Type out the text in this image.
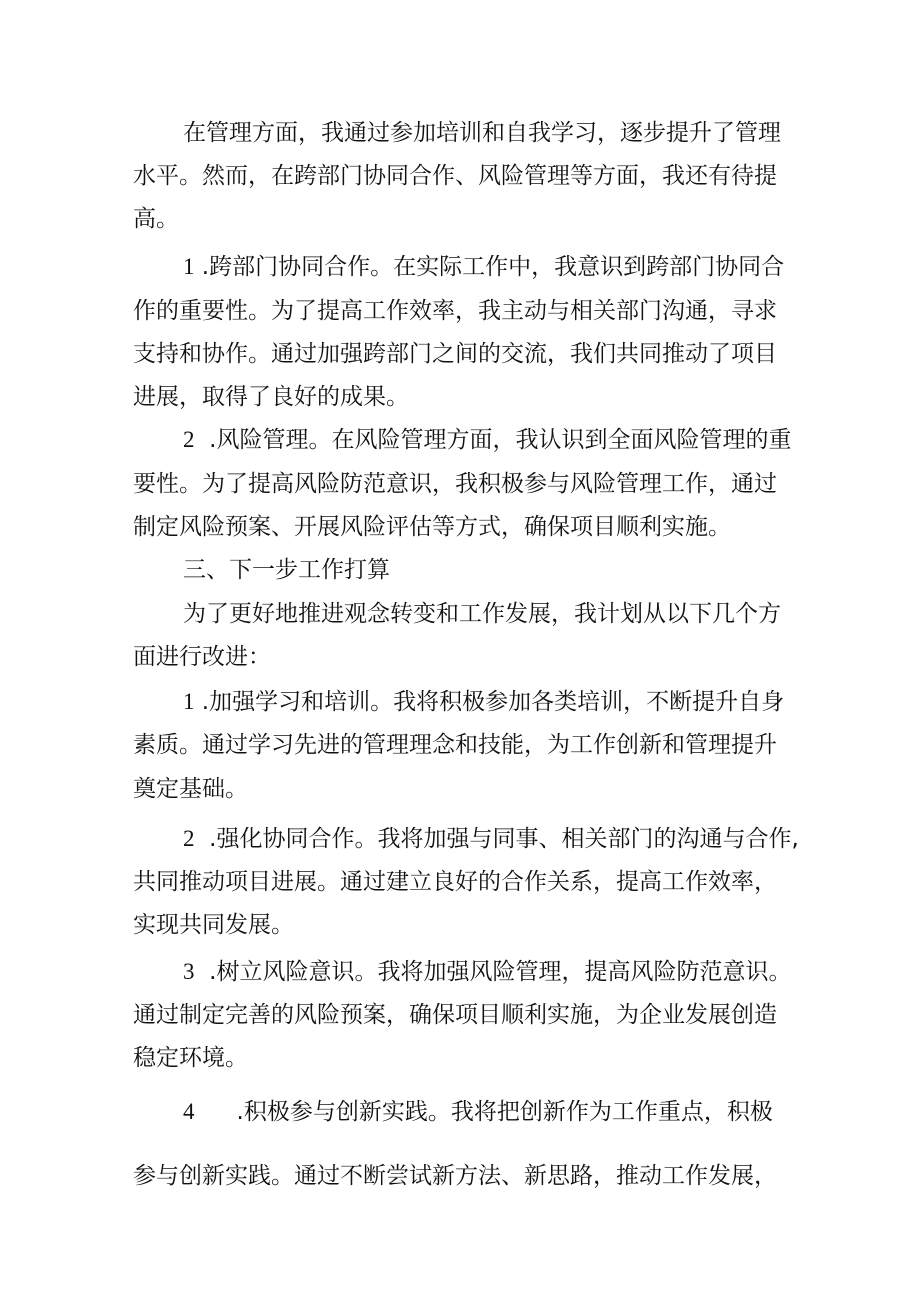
在管理方面，我通过参加培训和自我学习，逐步提升了管理
水平。然而，在跨部门协同合作、风险管理等方面，我还有待提
高。
1 .跨部门协同合作。在实际工作中，我意识到跨部门协同合
作的重要性。为了提高工作效率，我主动与相关部门沟通，寻求
支持和协作。通过加强跨部门之间的交流，我们共同推动了项目
进展，取得了良好的成果。
2  .风险管理。在风险管理方面，我认识到全面风险管理的重
要性。为了提高风险防范意识，我积极参与风险管理工作，通过
制定风险预案、开展风险评估等方式，确保项目顺利实施。
三、下一步工作打算
为了更好地推进观念转变和工作发展，我计划从以下几个方
面进行改进：
1 .加强学习和培训。我将积极参加各类培训，不断提升自身
素质。通过学习先进的管理理念和技能，为工作创新和管理提升
奠定基础。
2  .强化协同合作。我将加强与同事、相关部门的沟通与合作,
共同推动项目进展。通过建立良好的合作关系，提高工作效率，
实现共同发展。
3  .树立风险意识。我将加强风险管理，提高风险防范意识。
通过制定完善的风险预案，确保项目顺利实施，为企业发展创造
稳定环境。
4 .积极参与创新实践。我将把创新作为工作重点，积极
参与创新实践。通过不断尝试新方法、新思路，推动工作发展，
